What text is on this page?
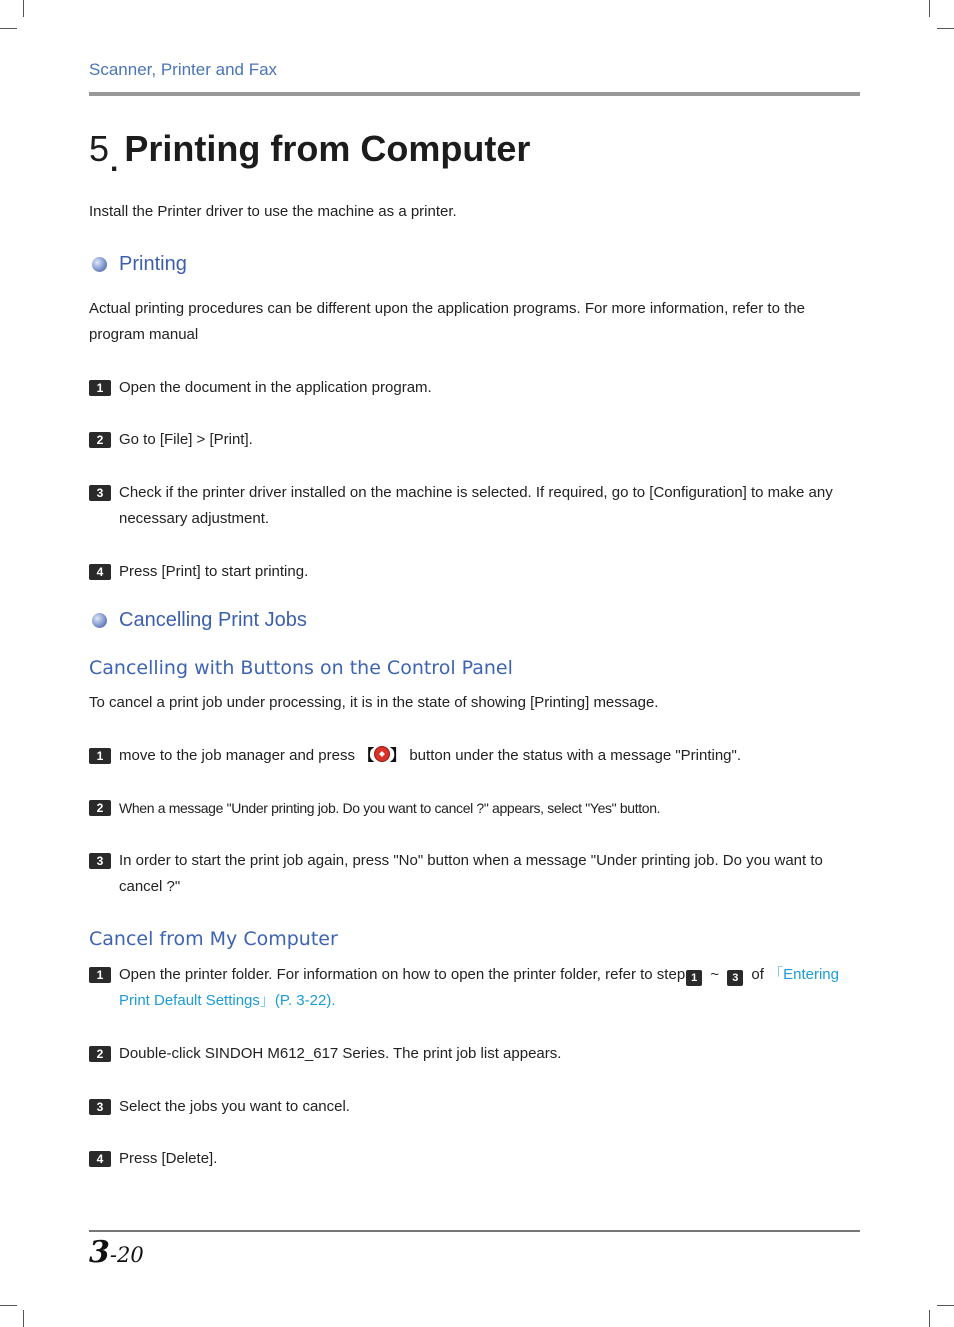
Scanner, Printer and Fax
5. Printing from Computer
Install the Printer driver to use the machine as a printer.
Printing
Actual printing procedures can be different upon the application programs. For more information, refer to the program manual
1	Open the document in the application program.
2	Go to [File] > [Print].
3	Check if the printer driver installed on the machine is selected. If required, go to [Configuration] to make any necessary adjustment.
4	Press [Print] to start printing.
Cancelling Print Jobs
Cancelling with Buttons on the Control Panel
To cancel a print job under processing, it is in the state of showing [Printing] message.
1	move to the job manager and press 【 】 button under the status with a message "Printing".
2	When a message "Under printing job. Do you want to cancel ?" appears, select "Yes" button.
3	In order to start the print job again, press "No" button when a message "Under printing job. Do you want to cancel ?"
Cancel from My Computer
1	Open the printer folder. For information on how to open the printer folder, refer to step 1 ~ 3 of 「Entering Print Default Settings」(P. 3-22).
2	Double-click SINDOH M612_617 Series. The print job list appears.
3	Select the jobs you want to cancel.
4	Press [Delete].
3-20
